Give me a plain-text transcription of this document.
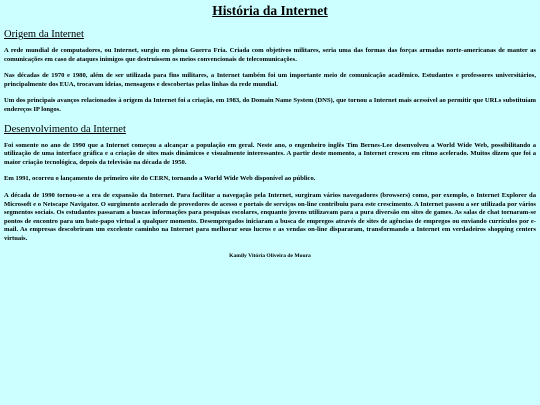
História da Internet
Origem da Internet

A rede mundial de computadores, ou Internet, surgiu em plena Guerra Fria. Criada com objetivos militares, seria uma das formas das forças armadas norte-americanas de manter as comunicações em caso de ataques inimigos que destruíssem os meios convencionais de telecomunicações.

Nas décadas de 1970 e 1980, além de ser utilizada para fins militares, a Internet também foi um importante meio de comunicação acadêmico. Estudantes e professores universitários, principalmente dos EUA, trocavam ideias, mensagens e descobertas pelas linhas da rede mundial.

Um dos principais avanços relacionados à origem da Internet foi a criação, em 1983, do Domain Name System (DNS), que tornou a Internet mais acessível ao permitir que URLs substituíam endereços IP longos.

Desenvolvimento da Internet

Foi somente no ano de 1990 que a Internet começou a alcançar a população em geral. Neste ano, o engenheiro inglês Tim Bernes-Lee desenvolveu a World Wide Web, possibilitando a utilização de uma interface gráfica e a criação de sites mais dinâmicos e visualmente interessantes. A partir deste momento, a Internet cresceu em ritmo acelerado. Muitos dizem que foi a maior criação tecnológica, depois da televisão na década de 1950.

Em 1991, ocorreu o lançamento do primeiro site do CERN, tornando a World Wide Web disponível ao público.

A década de 1990 tornou-se a era de expansão da Internet. Para facilitar a navegação pela Internet, surgiram vários navegadores (browsers) como, por exemplo, o Internet Explorer da Microsoft e o Netscape Navigator. O surgimento acelerado de provedores de acesso e portais de serviços on-line contribuiu para este crescimento. A Internet passou a ser utilizada por vários segmentos sociais. Os estudantes passaram a buscas informações para pesquisas escolares, enquanto jovens utilizavam para a pura diversão em sites de games. As salas de chat tornaram-se pontos de encontro para um bate-papo virtual a qualquer momento. Desempregados iniciaram a busca de empregos através de sites de agências de empregos ou enviando currículos por e-mail. As empresas descobriram um excelente caminho na Internet para melhorar seus lucros e as vendas on-line dispararam, transformando a Internet em verdadeiros shopping centers virtuais.

Kamily Vitória Oliveira de Moura
